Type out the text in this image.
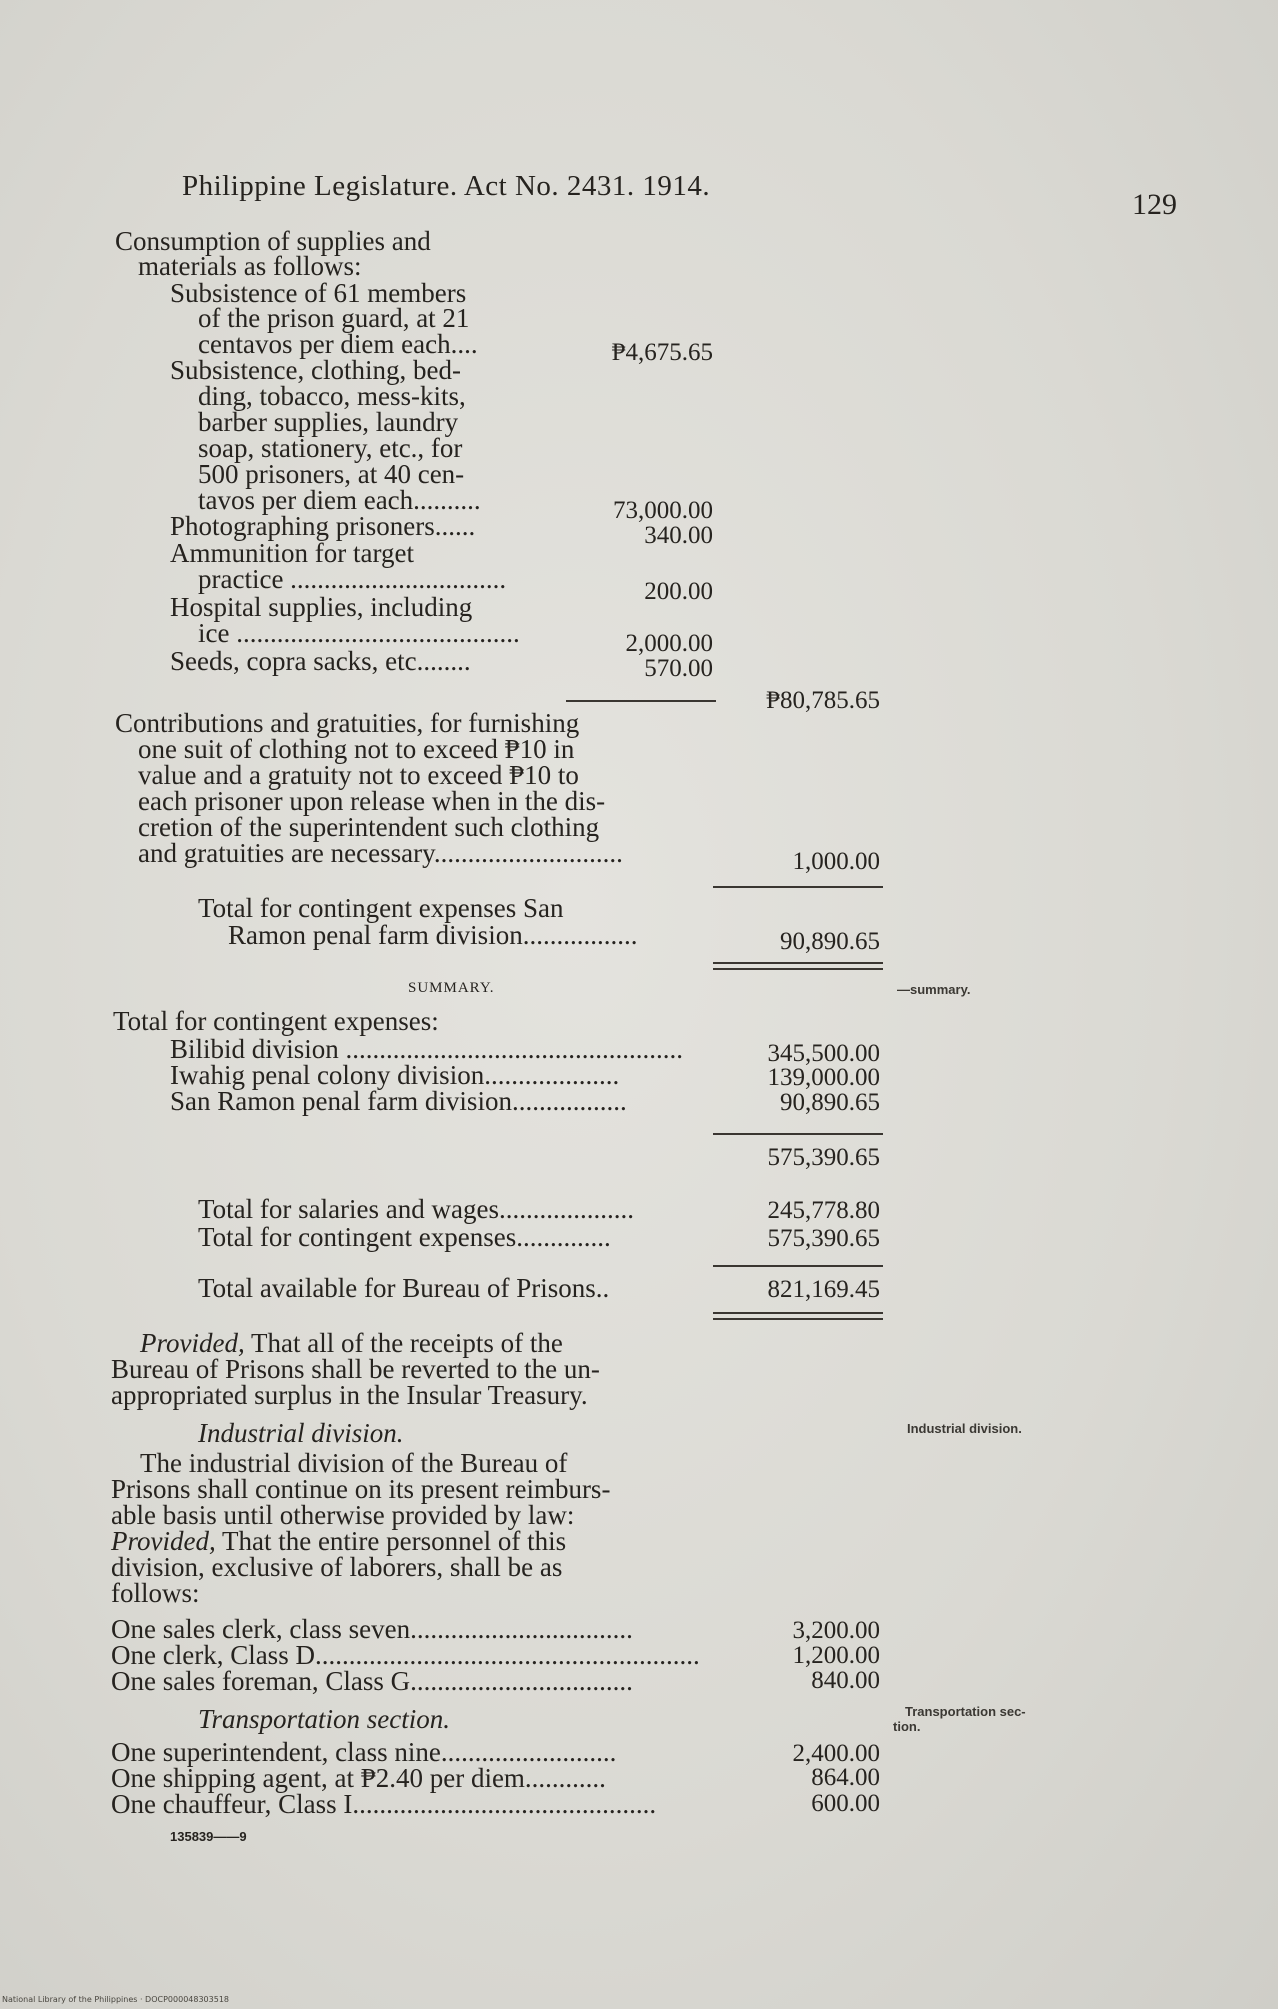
Philippine Legislature. Act No. 2431. 1914.
129
Consumption of supplies and
materials as follows:
Subsistence of 61 members
of the prison guard, at 21
centavos per diem each....	₱4,675.65
Subsistence, clothing, bed-
ding, tobacco, mess-kits,
barber supplies, laundry
soap, stationery, etc., for
500 prisoners, at 40 cen-
tavos per diem each..........	73,000.00
Photographing prisoners......	340.00
Ammunition for target
practice ................................	200.00
Hospital supplies, including
ice ..........................................	2,000.00
Seeds, copra sacks, etc........	570.00
₱80,785.65
Contributions and gratuities, for furnishing
one suit of clothing not to exceed ₱10 in
value and a gratuity not to exceed ₱10 to
each prisoner upon release when in the dis-
cretion of the superintendent such clothing
and gratuities are necessary............................	1,000.00
Total for contingent expenses San
Ramon penal farm division.................	90,890.65
SUMMARY.	—summary.
Total for contingent expenses:
Bilibid division ..................................................	345,500.00
Iwahig penal colony division....................	139,000.00
San Ramon penal farm division.................	90,890.65
575,390.65
Total for salaries and wages....................	245,778.80
Total for contingent expenses..............	575,390.65
Total available for Bureau of Prisons..	821,169.45
Provided, That all of the receipts of the
Bureau of Prisons shall be reverted to the un-
appropriated surplus in the Insular Treasury.
Industrial division.	Industrial division.
The industrial division of the Bureau of
Prisons shall continue on its present reimburs-
able basis until otherwise provided by law:
Provided, That the entire personnel of this
division, exclusive of laborers, shall be as
follows:
One sales clerk, class seven.................................	3,200.00
One clerk, Class D.........................................................	1,200.00
One sales foreman, Class G.................................	840.00
Transportation section.	Transportation sec-
tion.
One superintendent, class nine..........................	2,400.00
One shipping agent, at ₱2.40 per diem............	864.00
One chauffeur, Class I.............................................	600.00
135839——9
National Library of the Philippines · DOCP000048303518
